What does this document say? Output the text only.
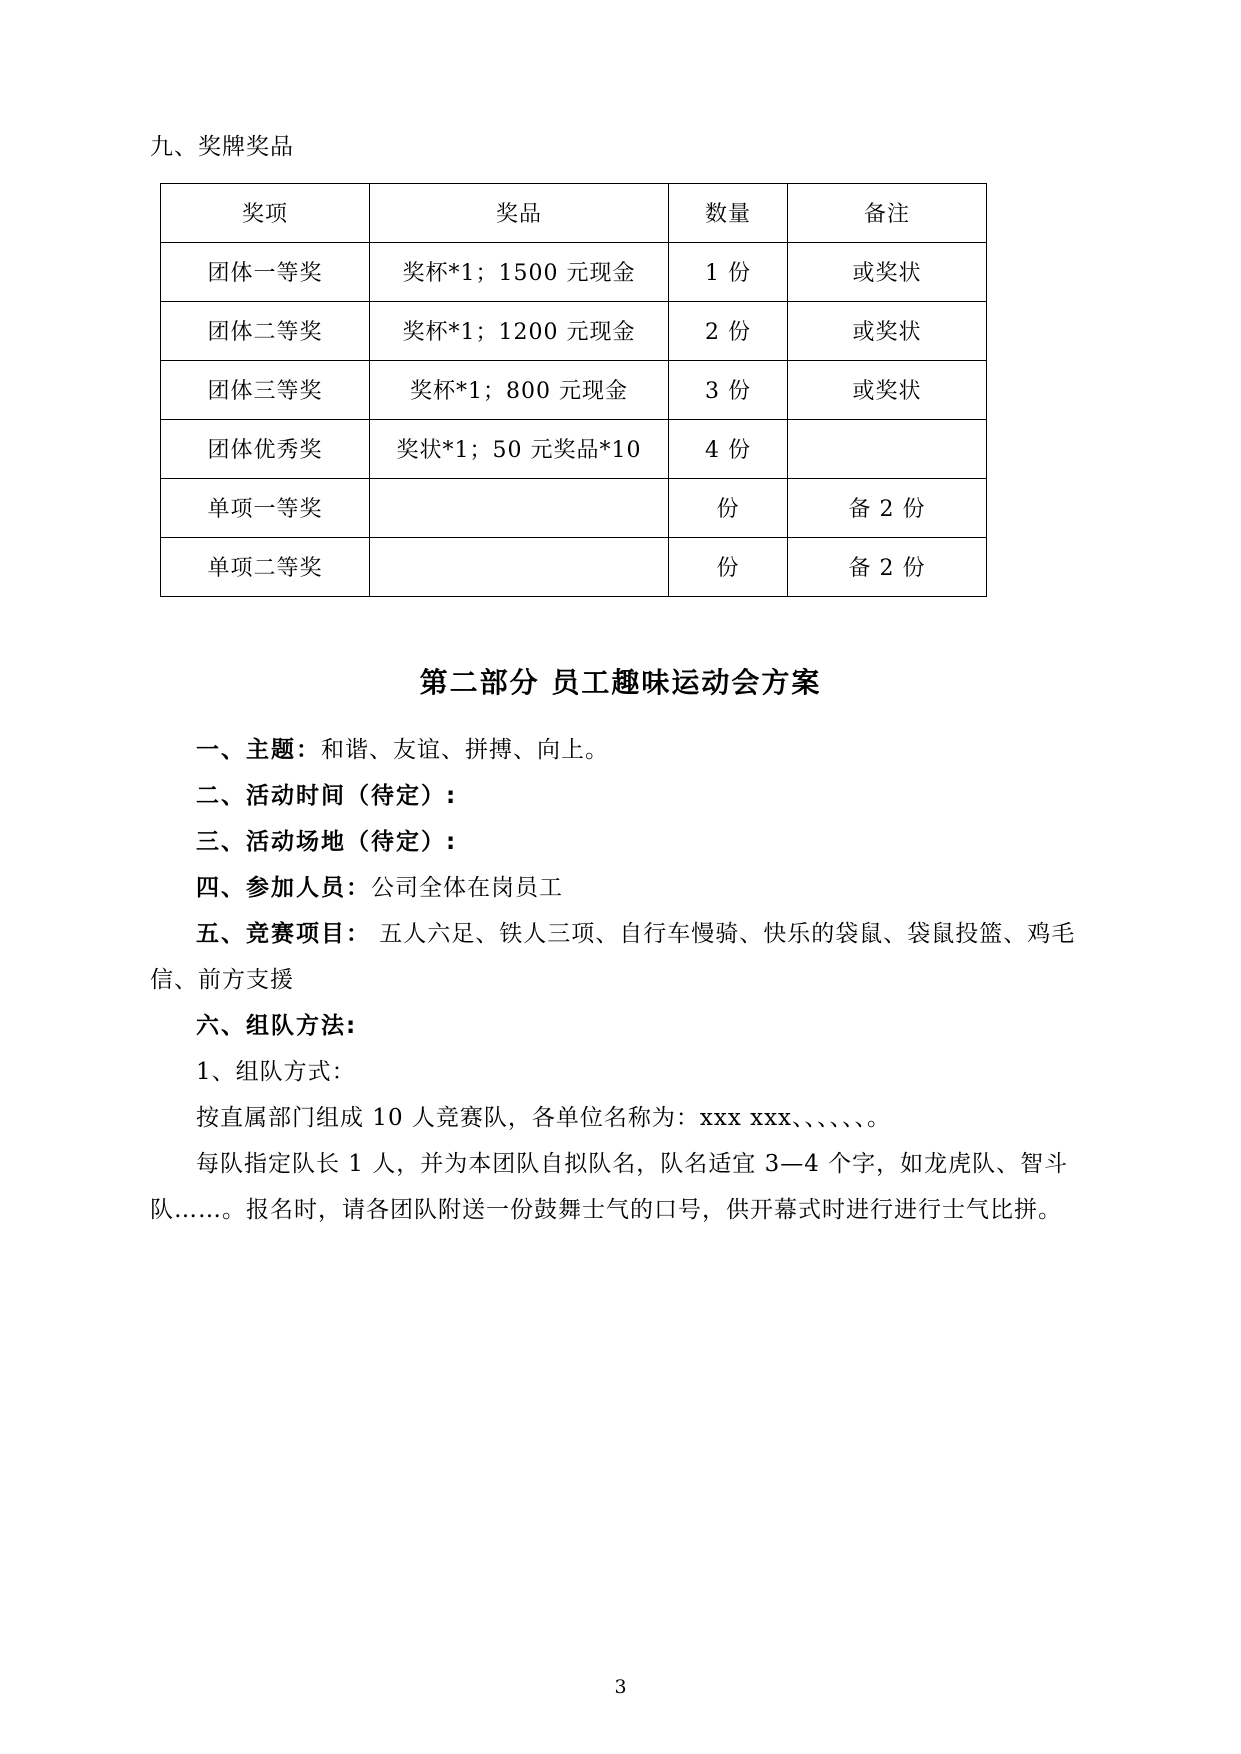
九、奖牌奖品
奖项	奖品	数量	备注
团体一等奖	奖杯*1；1500 元现金	1 份	或奖状
团体二等奖	奖杯*1；1200 元现金	2 份	或奖状
团体三等奖	奖杯*1；800 元现金	3 份	或奖状
团体优秀奖	奖状*1；50 元奖品*10	4 份	
单项一等奖		份	备 2 份
单项二等奖		份	备 2 份
第二部分 员工趣味运动会方案

一、主题：和谐、友谊、拼搏、向上。

二、活动时间（待定）:

三、活动场地（待定）:

四、参加人员：公司全体在岗员工

五、竞赛项目： 五人六足、铁人三项、自行车慢骑、快乐的袋鼠、袋鼠投篮、鸡毛信、前方支援

六、组队方法:

1、组队方式：

按直属部门组成 10 人竞赛队，各单位名称为：xxx xxx、、、、、、。

每队指定队长 1 人，并为本团队自拟队名，队名适宜 3—4 个字，如龙虎队、智斗队……。报名时，请各团队附送一份鼓舞士气的口号，供开幕式时进行进行士气比拼。

3
